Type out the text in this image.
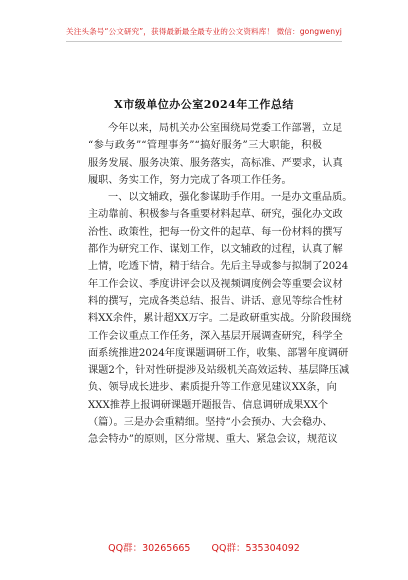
关注头条号“公文研究”，获得最新最全最专业的公文资料库！ 微信：gongwenyj
X市级单位办公室2024年工作总结
今年以来，局机关办公室围绕局党委工作部署，立足
“参与政务”“管理事务”“搞好服务”三大职能，积极
服务发展、服务决策、服务落实，高标准、严要求，认真
履职、务实工作，努力完成了各项工作任务。
一、以文辅政，强化参谋助手作用。一是办文重品质。
主动靠前、积极参与各重要材料起草、研究，强化办文政
治性、政策性，把每一份文件的起草、每一份材料的撰写
都作为研究工作、谋划工作，以文辅政的过程，认真了解
上情，吃透下情，精于结合。先后主导或参与拟制了2024
年工作会议、季度讲评会以及视频调度例会等重要会议材
料的撰写，完成各类总结、报告、讲话、意见等综合性材
料XX余件，累计超XX万字。二是政研重实战。分阶段围绕
工作会议重点工作任务，深入基层开展调查研究，科学全
面系统推进2024年度课题调研工作，收集、部署年度调研
课题2个，针对性研提涉及站级机关高效运转、基层降压减
负、领导成长进步、素质提升等工作意见建议XX条，向
XXX推荐上报调研课题开题报告、信息调研成果XX个
（篇）。三是办会重精细。坚持“小会预办、大会稳办、
急会特办”的原则，区分常规、重大、紧急会议，规范议
QQ群：30265665 QQ群：535304092
